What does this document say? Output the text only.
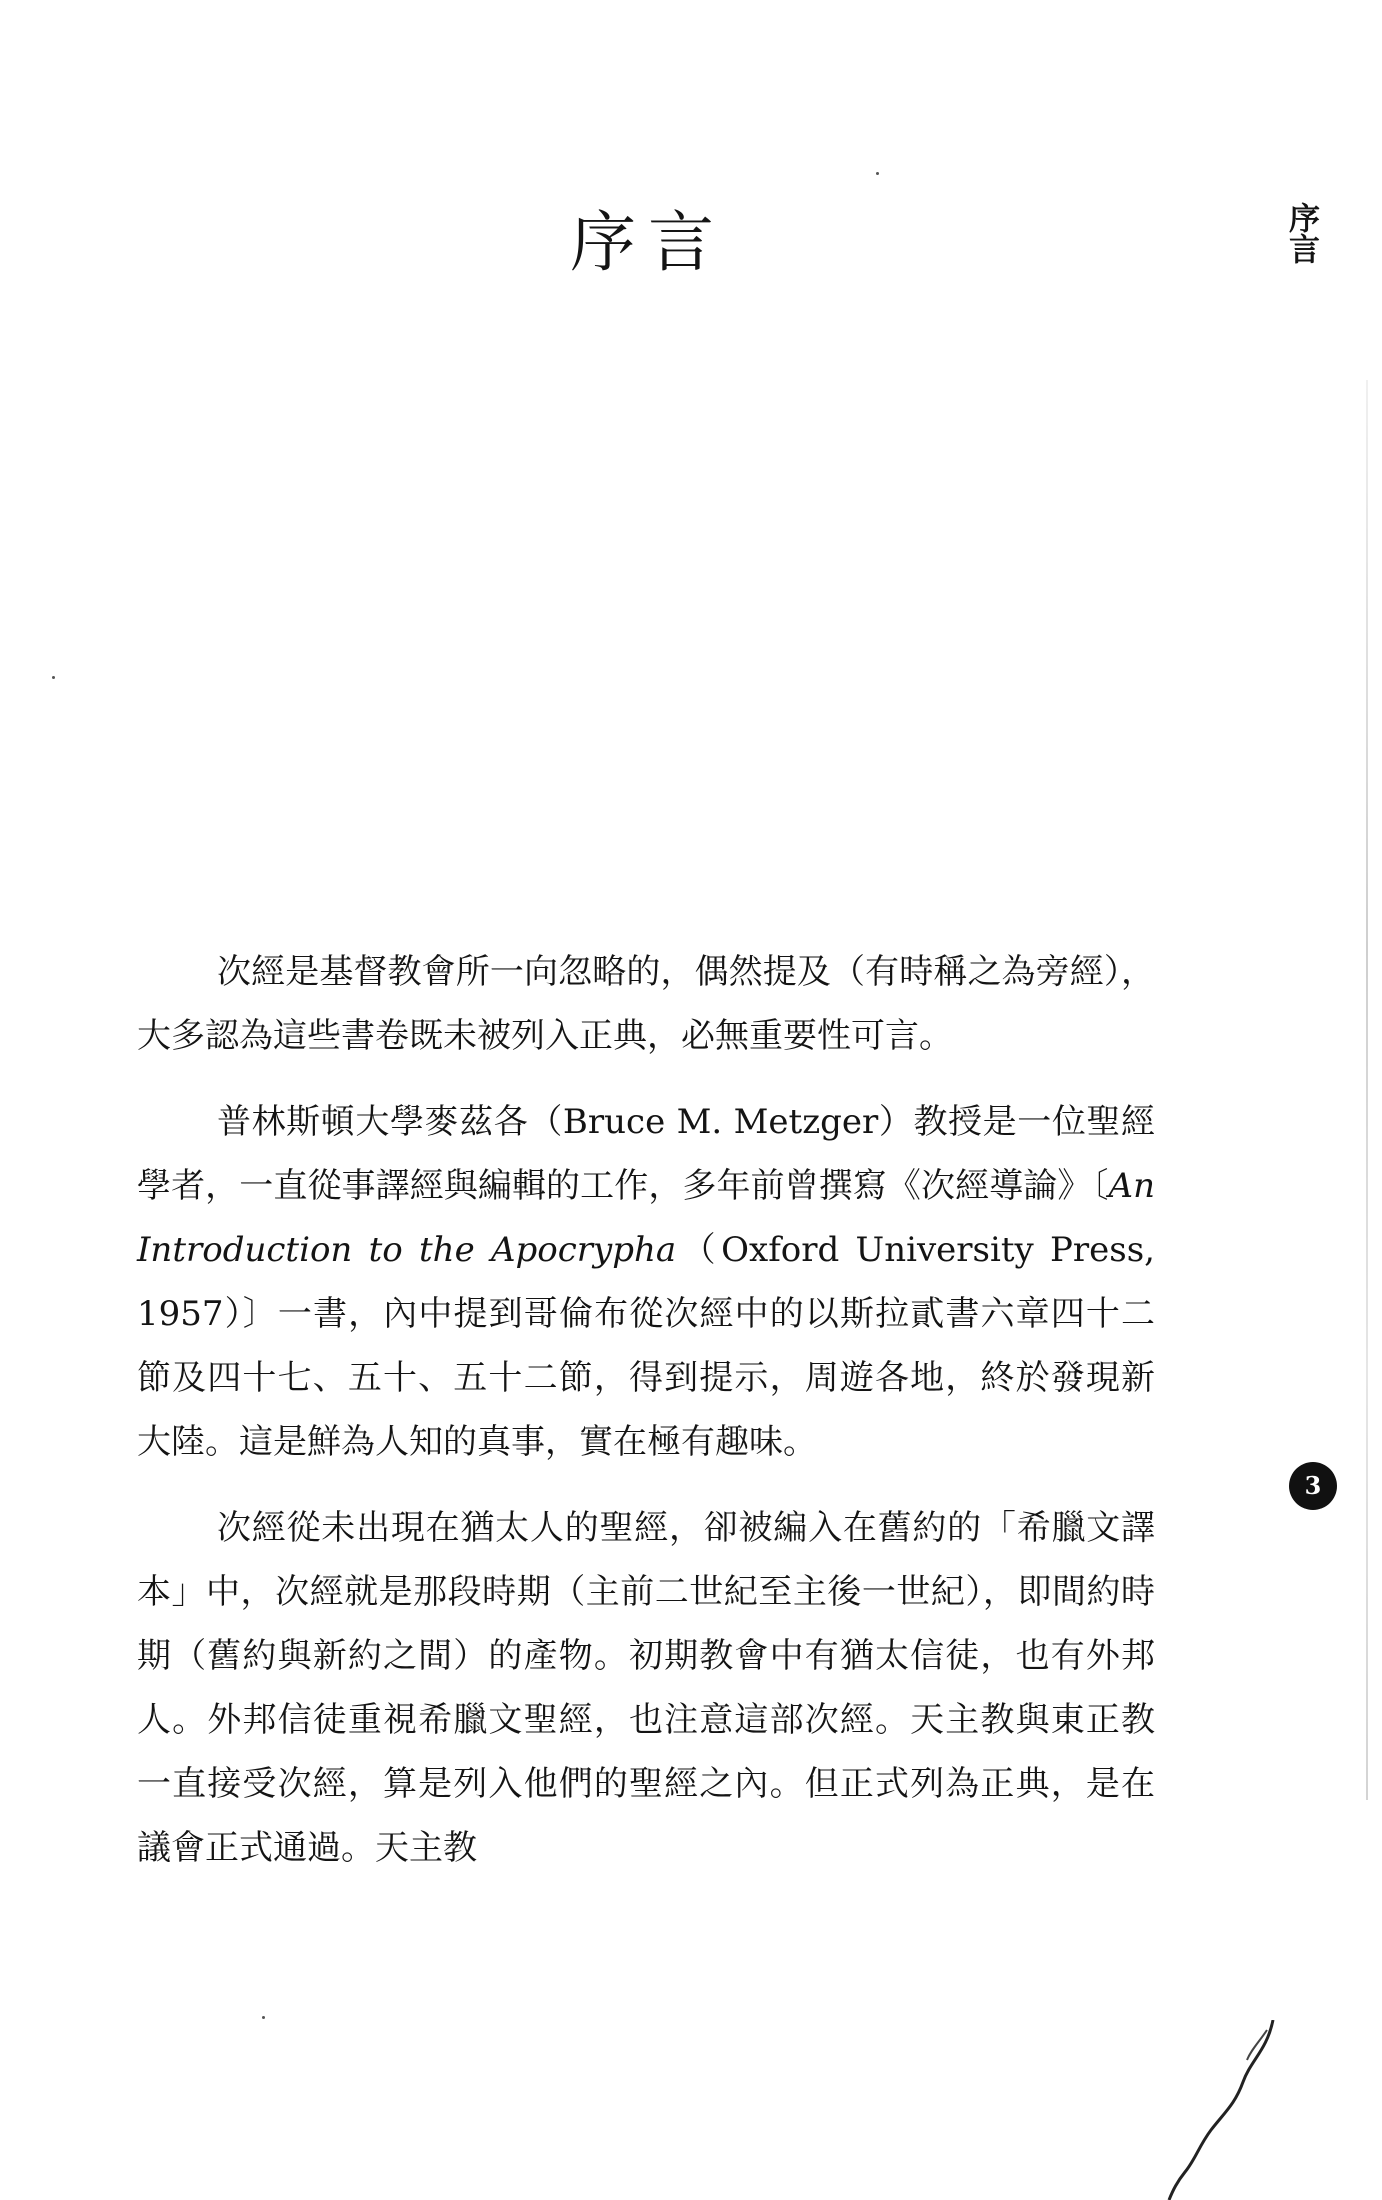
序言	序言
3

次經是基督教會所一向忽略的，偶然提及（有時稱之為旁經），大多認為這些書卷既未被列入正典，必無重要性可言。

普林斯頓大學麥茲各（Bruce M. Metzger）教授是一位聖經學者，一直從事譯經與編輯的工作，多年前曾撰寫《次經導論》〔An Introduction to the Apocrypha（Oxford University Press, 1957）〕一書，內中提到哥倫布從次經中的以斯拉貳書六章四十二節及四十七、五十、五十二節，得到提示，周遊各地，終於發現新大陸。這是鮮為人知的真事，實在極有趣味。

次經從未出現在猶太人的聖經，卻被編入在舊約的「希臘文譯本」中，次經就是那段時期（主前二世紀至主後一世紀），即間約時期（舊約與新約之間）的產物。初期教會中有猶太信徒，也有外邦人。外邦信徒重視希臘文聖經，也注意這部次經。天主教與東正教一直接受次經，算是列入他們的聖經之內。但正式列為正典，是在議會正式通過。天主教
